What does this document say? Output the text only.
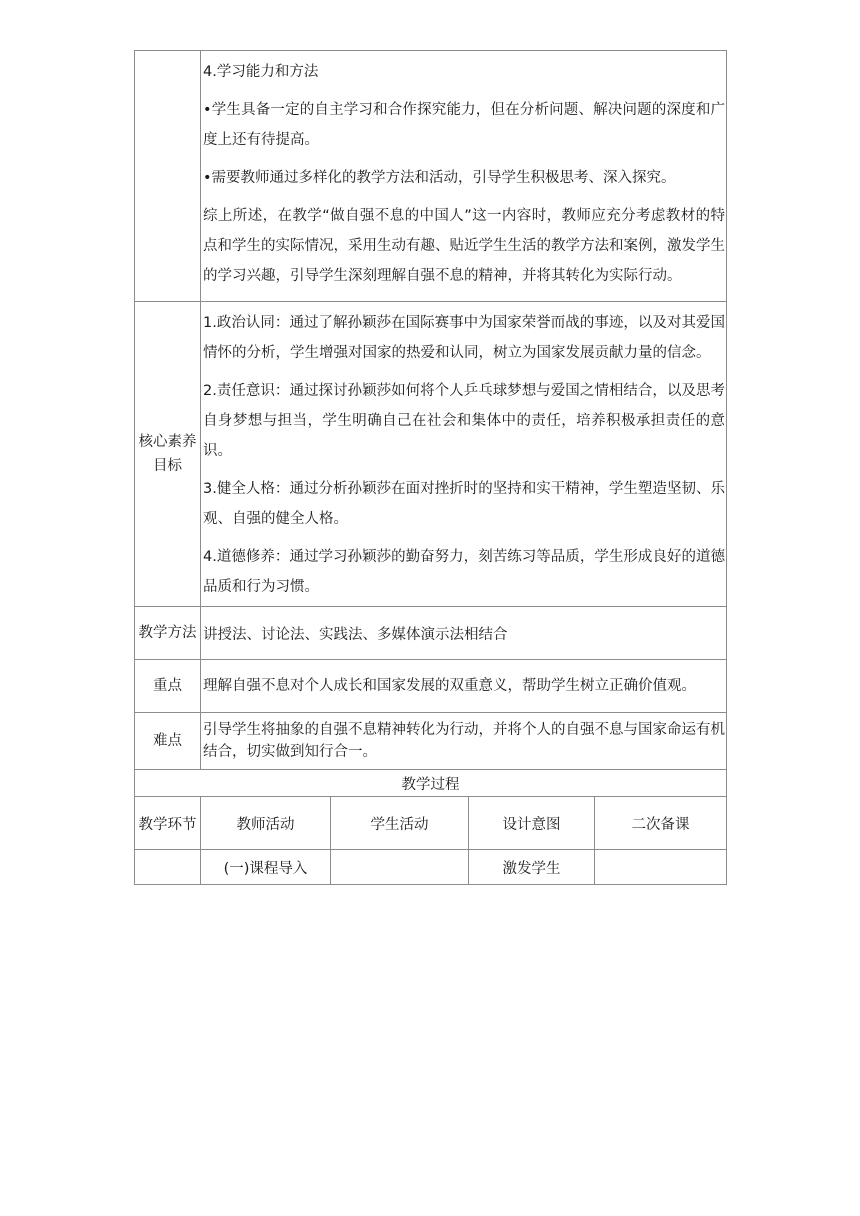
	4.学习能力和方法
•学生具备一定的自主学习和合作探究能力，但在分析问题、解决问题的深度和广度上还有待提高。
•需要教师通过多样化的教学方法和活动，引导学生积极思考、深入探究。
综上所述，在教学“做自强不息的中国人”这一内容时，教师应充分考虑教材的特点和学生的实际情况，采用生动有趣、贴近学生生活的教学方法和案例，激发学生的学习兴趣，引导学生深刻理解自强不息的精神，并将其转化为实际行动。			

核心素养目标	1.政治认同：通过了解孙颖莎在国际赛事中为国家荣誉而战的事迹，以及对其爱国情怀的分析，学生增强对国家的热爱和认同，树立为国家发展贡献力量的信念。
2.责任意识：通过探讨孙颖莎如何将个人乒乓球梦想与爱国之情相结合，以及思考自身梦想与担当，学生明确自己在社会和集体中的责任，培养积极承担责任的意识。
3.健全人格：通过分析孙颖莎在面对挫折时的坚持和实干精神，学生塑造坚韧、乐观、自强的健全人格。
4.道德修养：通过学习孙颖莎的勤奋努力，刻苦练习等品质，学生形成良好的道德品质和行为习惯。			

教学方法	讲授法、讨论法、实践法、多媒体演示法相结合			
重点	理解自强不息对个人成长和国家发展的双重意义，帮助学生树立正确价值观。			

难点	引导学生将抽象的自强不息精神转化为行动，并将个人的自强不息与国家命运有机结合，切实做到知行合一。			

教学过程				
教学环节	教师活动	学生活动	设计意图	二次备课
	(一)课程导入		激发学生	
